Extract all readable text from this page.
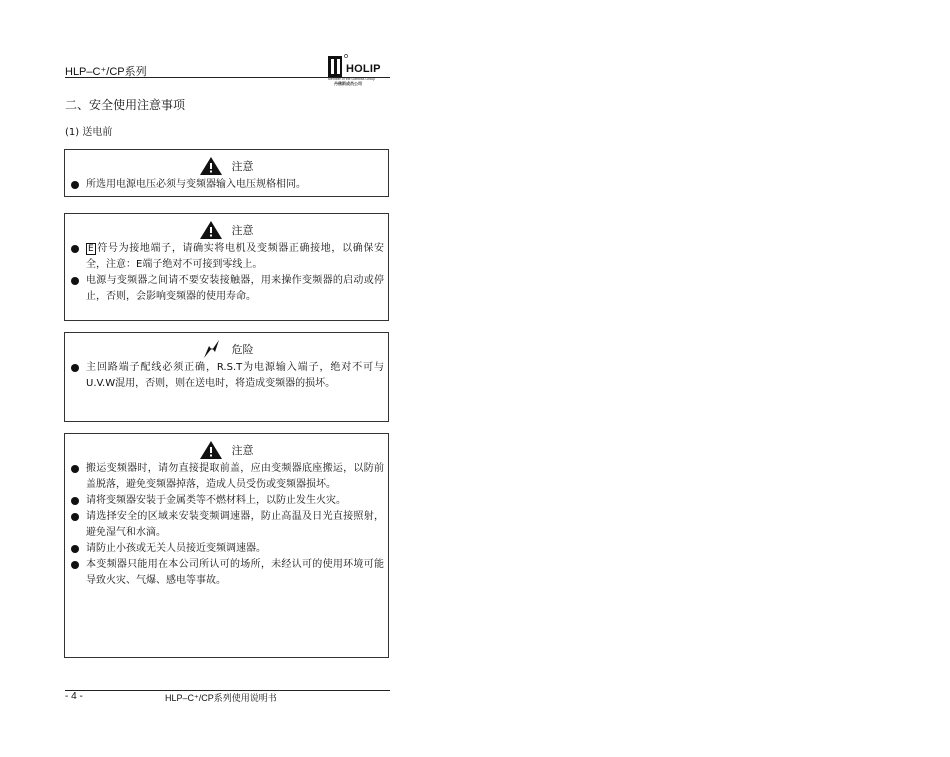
HLP–C⁺/CP系列	HOLIP
Member of the Danfoss Group
丹佛斯成员公司
二、安全使用注意事项
(1) 送电前
注意
所选用电源电压必须与变频器输入电压规格相同。
注意
E 符号为接地端子，请确实将电机及变频器正确接地，以确保安全，注意：E端子绝对不可接到零线上。
电源与变频器之间请不要安装接触器，用来操作变频器的启动或停止，否则，会影响变频器的使用寿命。
危险
主回路端子配线必须正确，R.S.T为电源输入端子，绝对不可与U.V.W混用，否则，则在送电时，将造成变频器的损坏。
注意
搬运变频器时，请勿直接提取前盖，应由变频器底座搬运，以防前盖脱落，避免变频器掉落，造成人员受伤或变频器损坏。
请将变频器安装于金属类等不燃材料上，以防止发生火灾。
请选择安全的区域来安装变频调速器，防止高温及日光直接照射，避免湿气和水滴。
请防止小孩或无关人员接近变频调速器。
本变频器只能用在本公司所认可的场所，未经认可的使用环境可能导致火灾、气爆、感电等事故。
- 4 -	HLP–C⁺/CP系列使用说明书
